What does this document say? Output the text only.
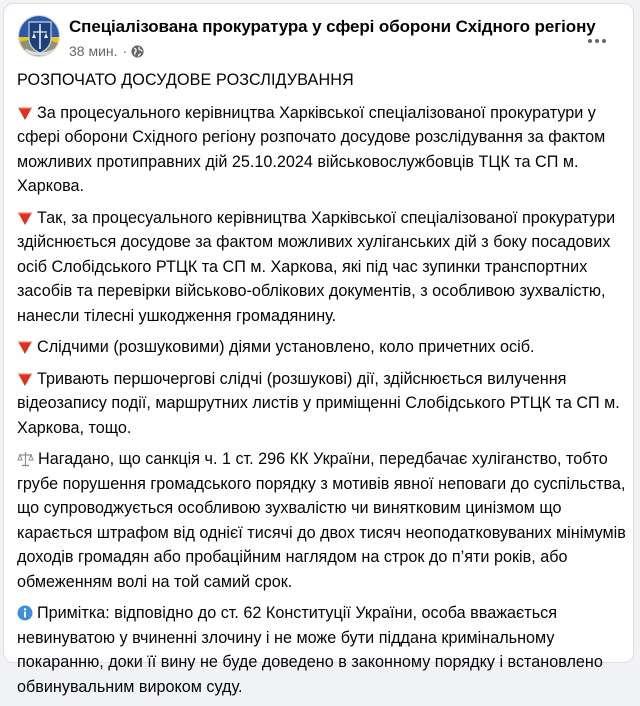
Спеціалізована прокуратура у сфері оборони Східного регіону
38 мин. ·
РОЗПОЧАТО ДОСУДОВЕ РОЗСЛІДУВАННЯ
За процесуального керівництва Харківської спеціалізованої прокуратури у сфері оборони Східного регіону розпочато досудове розслідування за фактом можливих протиправних дій 25.10.2024 військовослужбовців ТЦК та СП м. Харкова.
Так, за процесуального керівництва Харківської спеціалізованої прокуратури здійснюється досудове за фактом можливих хуліганських дій з боку посадових осіб Слобідського РТЦК та СП м. Харкова, які під час зупинки транспортних засобів та перевірки військово-облікових документів, з особливою зухвалістю, нанесли тілесні ушкодження громадянину.
Слідчими (розшуковими) діями установлено, коло причетних осіб.
Тривають першочергові слідчі (розшукові) дії, здійснюється вилучення відеозапису події, маршрутних листів у приміщенні Слобідського РТЦК та СП м. Харкова, тощо.
Нагадано, що санкція ч. 1 ст. 296 КК України, передбачає хуліганство, тобто грубе порушення громадського порядку з мотивів явної неповаги до суспільства, що супроводжується особливою зухвалістю чи винятковим цинізмом що карається штрафом від однієї тисячі до двох тисяч неоподатковуваних мінімумів доходів громадян або пробаційним наглядом на строк до п’яти років, або обмеженням волі на той самий срок.
Примітка: відповідно до ст. 62 Конституції України, особа вважається невинуватою у вчиненні злочину і не може бути піддана кримінальному покаранню, доки її вину не буде доведено в законному порядку і встановлено обвинувальним вироком суду.
